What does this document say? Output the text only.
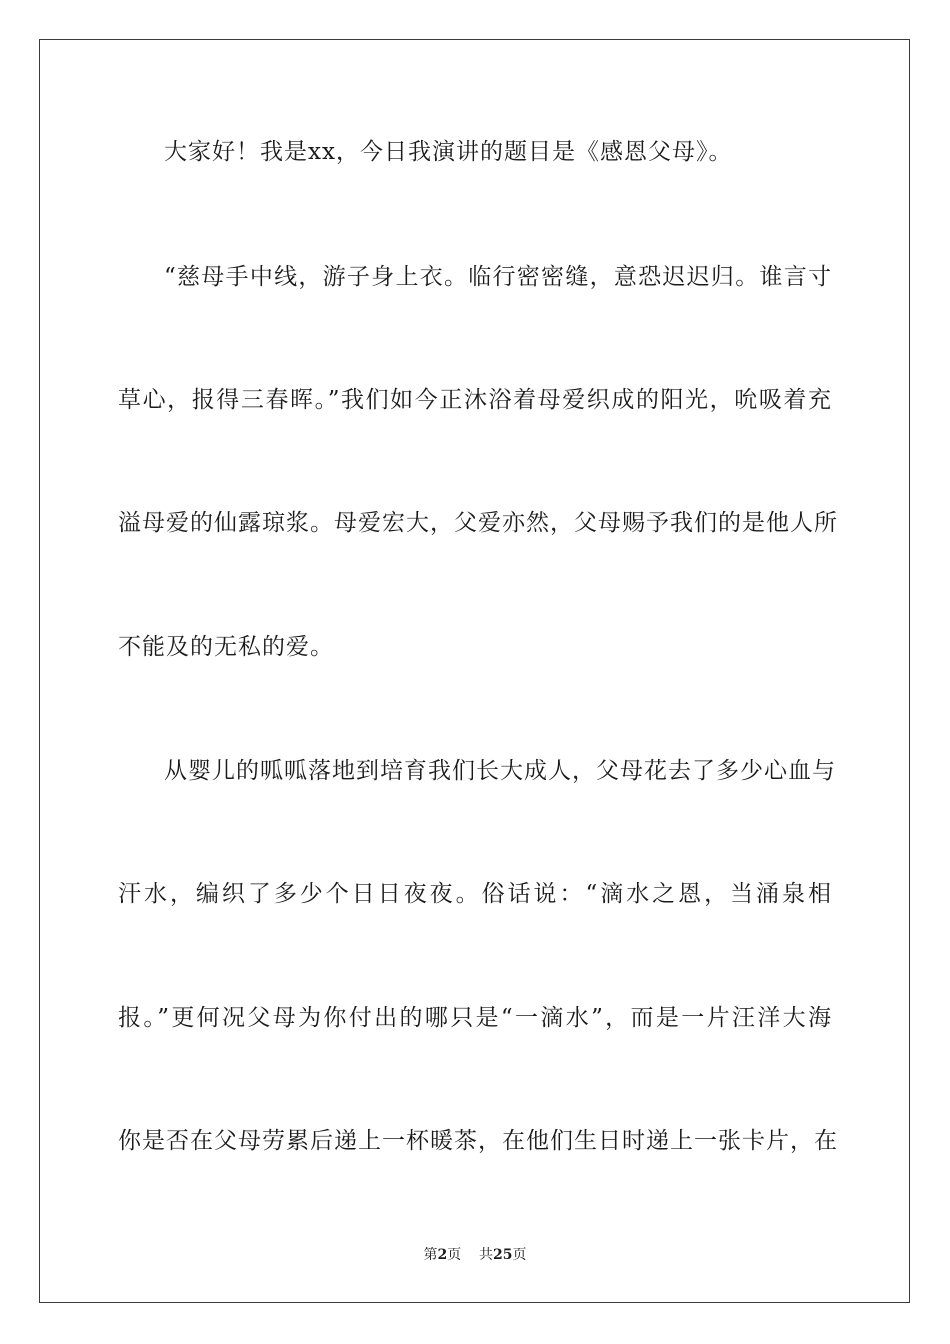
大家好！我是xx，今日我演讲的题目是《感恩父母》。
“慈母手中线，游子身上衣。临行密密缝，意恐迟迟归。谁言寸
草心，报得三春晖。”我们如今正沐浴着母爱织成的阳光，吮吸着充
溢母爱的仙露琼浆。母爱宏大，父爱亦然，父母赐予我们的是他人所
不能及的无私的爱。
从婴儿的呱呱落地到培育我们长大成人，父母花去了多少心血与
汗水，编织了多少个日日夜夜。俗话说：“滴水之恩，当涌泉相
报。”更何况父母为你付出的哪只是“一滴水”，而是一片汪洋大海
你是否在父母劳累后递上一杯暖茶，在他们生日时递上一张卡片，在
第2页 共25页
